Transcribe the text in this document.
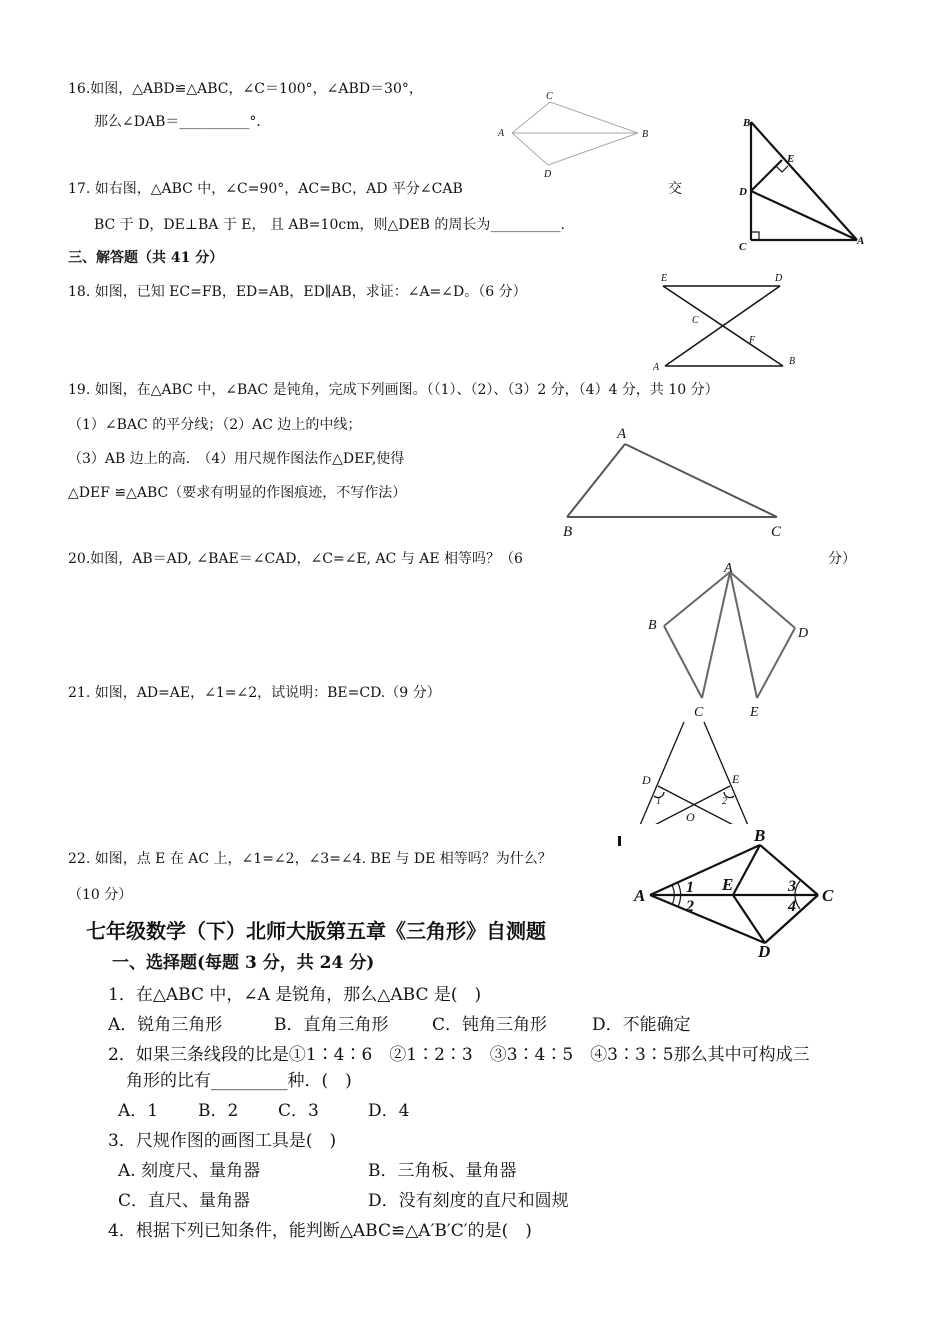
16.如图，△ABD≌△ABC，∠C＝100°，∠ABD＝30°，
那么∠DAB＝__________°．
17. 如右图，△ABC 中，∠C=90°，AC=BC，AD 平分∠CAB	交
BC 于 D，DE⊥BA 于 E， 且 AB=10cm，则△DEB 的周长为__________.
三、解答题（共 41 分）
18. 如图，已知 EC=FB，ED=AB，ED∥AB，求证：∠A=∠D。（6 分）
19. 如图，在△ABC 中，∠BAC 是钝角，完成下列画图。（（1）、（2）、（3）2 分，（4）4 分，共 10 分）
（1）∠BAC 的平分线；（2）AC 边上的中线；
（3）AB 边上的高.　（4）用尺规作图法作△DEF,使得
△DEF ≌△ABC（要求有明显的作图痕迹，不写作法）
20.如图，AB＝AD, ∠BAE＝∠CAD，∠C=∠E, AC 与 AE 相等吗？（6	分）
21. 如图，AD=AE，∠1=∠2，试说明：BE=CD.（9 分）
22. 如图，点 E 在 AC 上，∠1=∠2，∠3=∠4. BE 与 DE 相等吗？为什么？
（10 分）
C
A	B
D
B
E
D
C	A
E	D
C
F
A
B
A
B	C
A
B
D
C	E
D	E
1	2
O
B
A	1
2
E	3
4
C
D
七年级数学（下）北师大版第五章《三角形》自测题
一、选择题(每题 3 分，共 24 分)
1．在△ABC 中，∠A 是锐角，那么△ABC 是(　)
A．锐角三角形	B．直角三角形	C．钝角三角形	D．不能确定
2．如果三条线段的比是①1∶4∶6　②1∶2∶3　③3∶4∶5　④3∶3∶5那么其中可构成三
角形的比有_________种．(　)
A．1 B．2 C．3	D．4
3．尺规作图的画图工具是(　)
A. 刻度尺、量角器	B．三角板、量角器
C．直尺、量角器	D．没有刻度的直尺和圆规
4．根据下列已知条件，能判断△ABC≌△A′B′C′的是(　)
